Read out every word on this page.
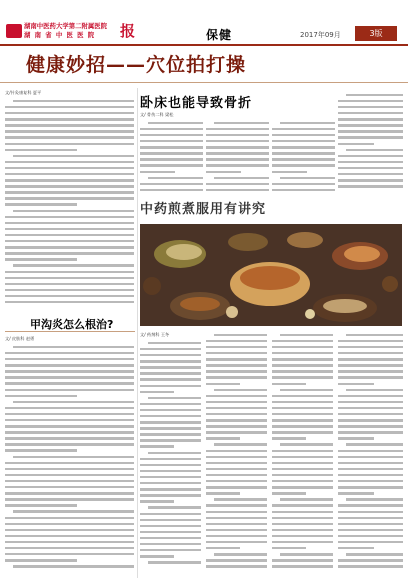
湖南中医药大学第二附属医院
湖 南 省 中 医 医 院 报	保健	2017年09月	3版
健康妙招——穴位拍打操
文/针灸康复科 夏平
甲沟炎怎么根治?
文/ 皮肤科 赵勇
卧床也能导致骨折
文/ 骨伤二科 梁松
中药煎煮服用有讲究
文/ 药剂科 王冬
